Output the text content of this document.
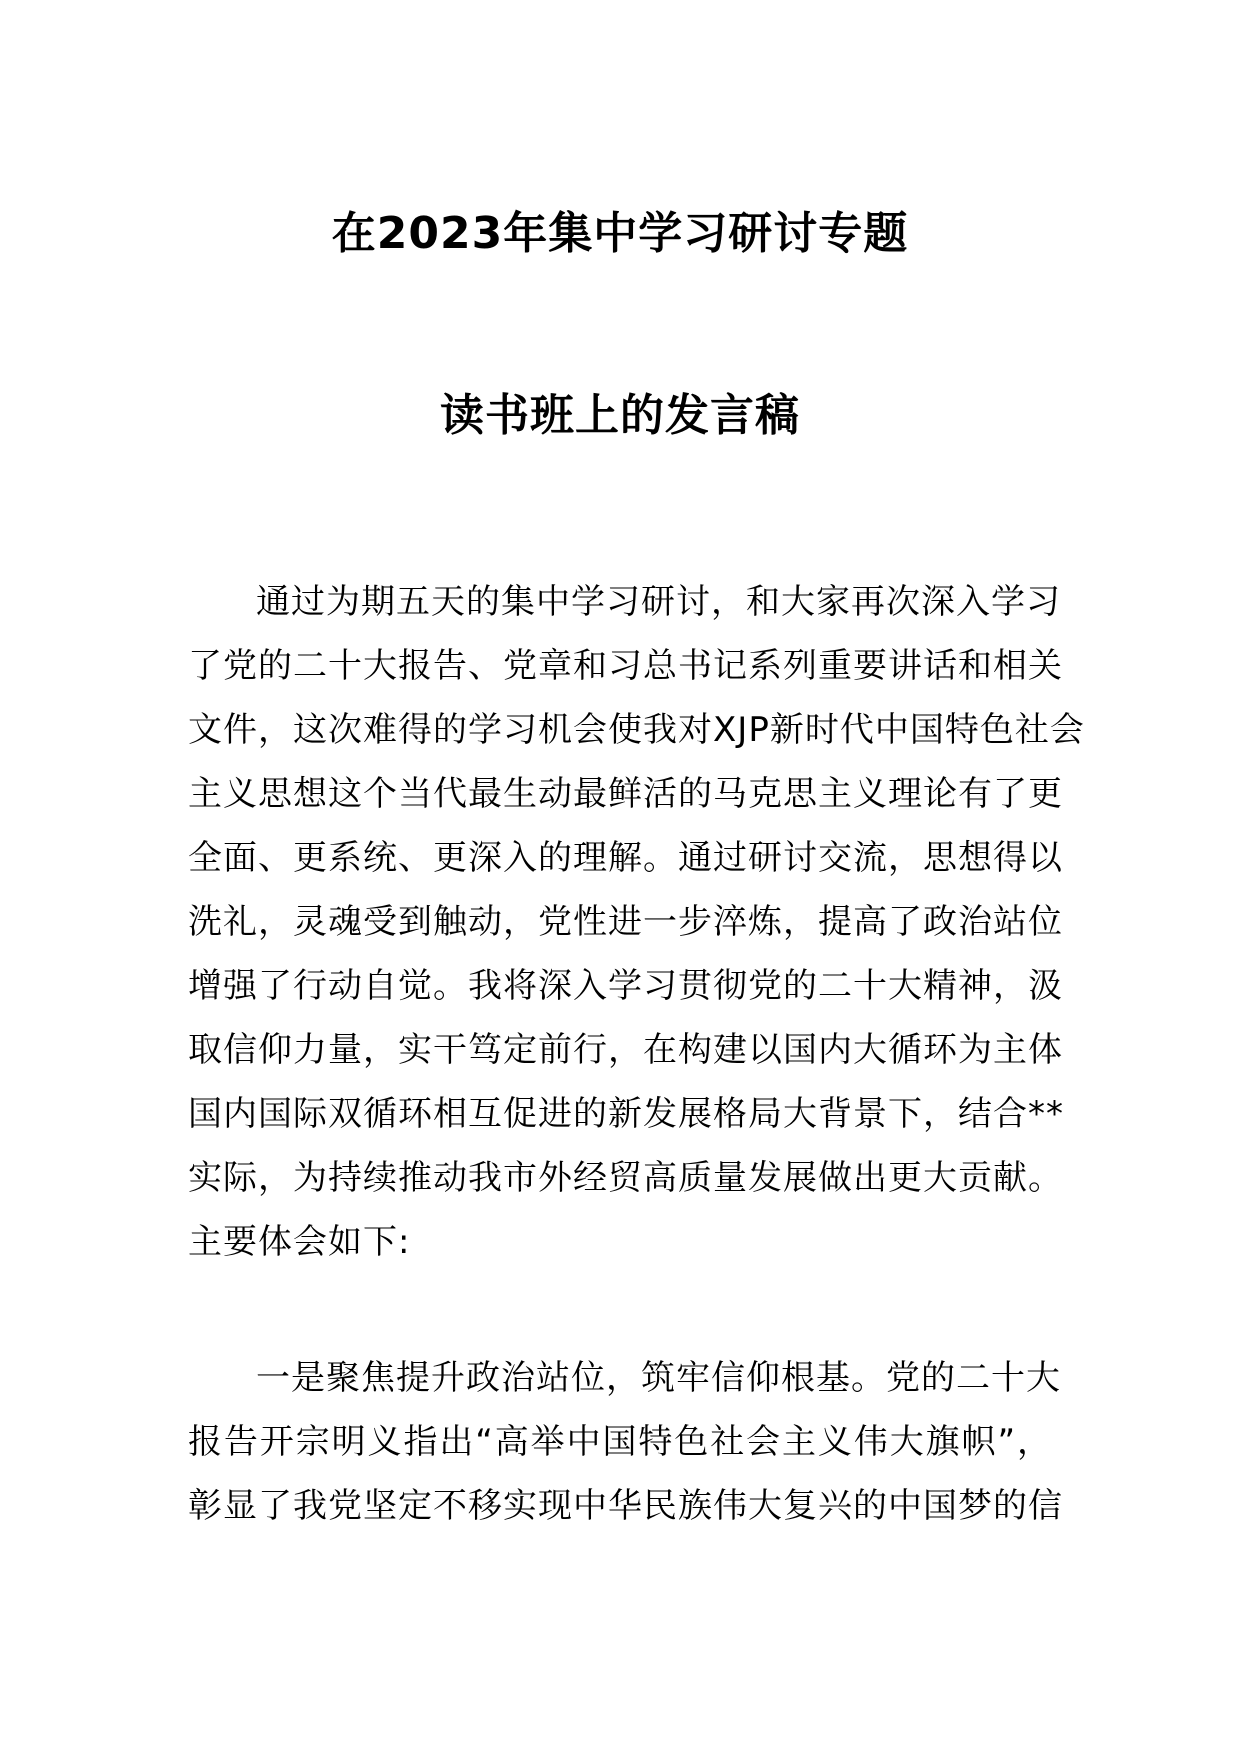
在2023年集中学习研讨专题
读书班上的发言稿
通过为期五天的集中学习研讨，和大家再次深入学习
了党的二十大报告、党章和习总书记系列重要讲话和相关
文件，这次难得的学习机会使我对XJP新时代中国特色社会
主义思想这个当代最生动最鲜活的马克思主义理论有了更
全面、更系统、更深入的理解。通过研讨交流，思想得以
洗礼，灵魂受到触动，党性进一步淬炼，提高了政治站位
增强了行动自觉。我将深入学习贯彻党的二十大精神，汲
取信仰力量，实干笃定前行，在构建以国内大循环为主体
国内国际双循环相互促进的新发展格局大背景下，结合**
实际，为持续推动我市外经贸高质量发展做出更大贡献。
主要体会如下:
一是聚焦提升政治站位，筑牢信仰根基。党的二十大
报告开宗明义指出“高举中国特色社会主义伟大旗帜”，
彰显了我党坚定不移实现中华民族伟大复兴的中国梦的信
